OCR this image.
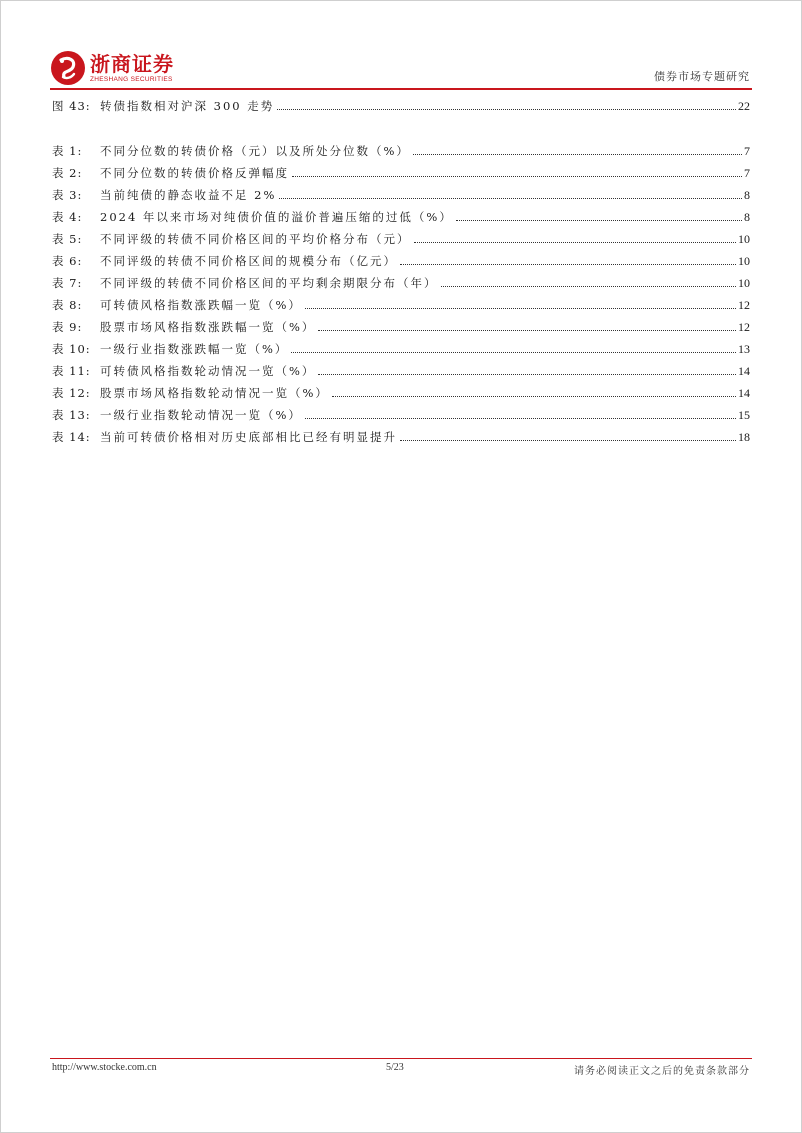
浙商证券
ZHESHANG SECURITIES	债券市场专题研究
图 43: 转债指数相对沪深 300 走势	22
表 1:	不同分位数的转债价格（元）以及所处分位数（%）	7
表 2:	不同分位数的转债价格反弹幅度	7
表 3:	当前纯债的静态收益不足 2%	8
表 4:	2024 年以来市场对纯债价值的溢价普遍压缩的过低（%）	8
表 5:	不同评级的转债不同价格区间的平均价格分布（元）	10
表 6:	不同评级的转债不同价格区间的规模分布（亿元）	10
表 7:	不同评级的转债不同价格区间的平均剩余期限分布（年）	10
表 8:	可转债风格指数涨跌幅一览（%）	12
表 9:	股票市场风格指数涨跌幅一览（%）	12
表 10: 一级行业指数涨跌幅一览（%）	13
表 11: 可转债风格指数轮动情况一览（%）	14
表 12: 股票市场风格指数轮动情况一览（%）	14
表 13: 一级行业指数轮动情况一览（%）	15
表 14: 当前可转债价格相对历史底部相比已经有明显提升	18
http://www.stocke.com.cn	5/23	请务必阅读正文之后的免责条款部分
